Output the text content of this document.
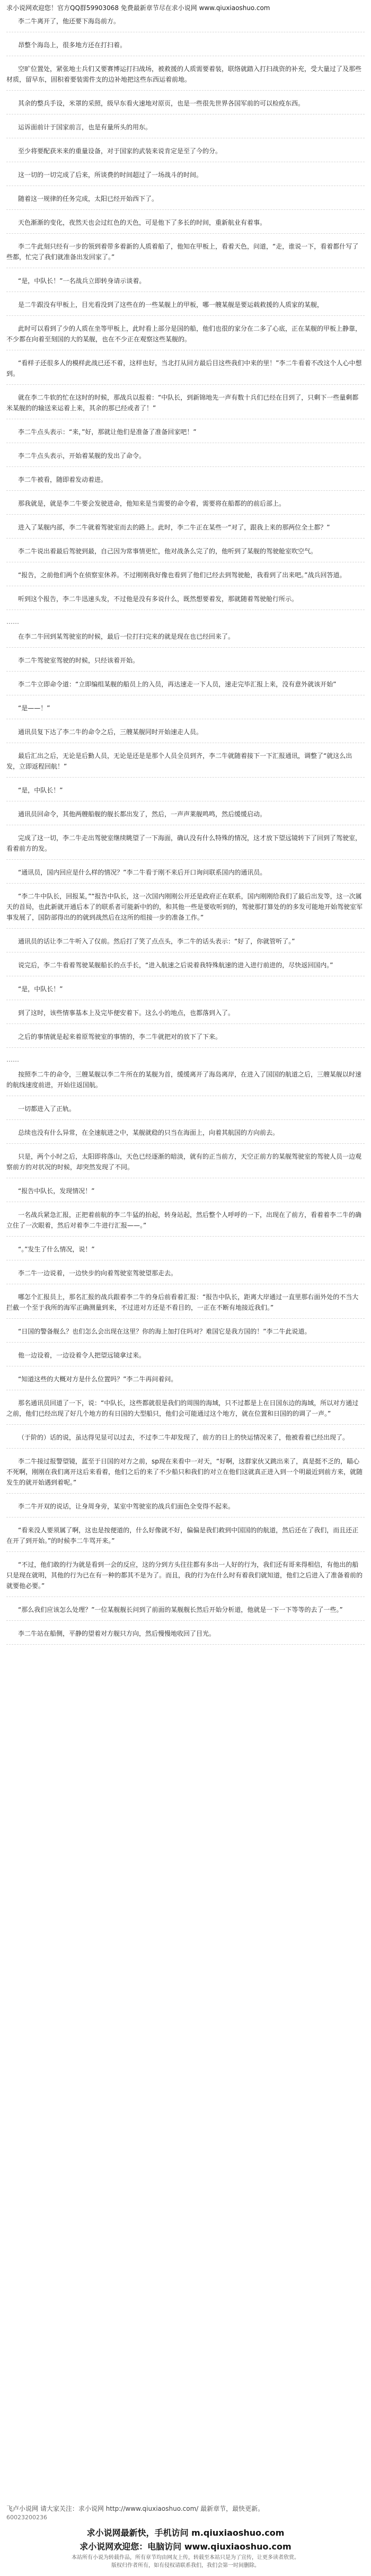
求小说网欢迎您！官方QQ群59903068 免费最新章节尽在求小说网 www.qiuxiaoshuo.com

李二牛离开了，他还要下海岛前方。

昂整个海岛上，很多地方还在打扫着。

空旷位置处，紧张地士兵们又要赛博运打扫战场，被救援的人质需要着装，联络就踏入打扫战资的补充，受大量过了及那些材质，留早东，固积着要装需件支的边补地把这些东西运着前地。

其余的整兵手设，米罩的采照，级早东看火速地对原页，也是一些很先世界各国军前的可以检疫东西。

运诉面前计于国家前言，也是有量所头的用东。

至少将要配获米来的重量设备，对于国家的武装来说肯定是至了今的分。

这一切的一切完成了后来，所谈费的时间超过了一场战斗的时间。

随着这一规律的任务完成，太阳已经开始西下了。

天色渐渐的变化，夜然天也会过红色的天色，可是他下了多长的时间，重新航业有着事。

李二牛此刻只经有一步的领到着带多着新的人质着船了，他知在甲板上，看着天色，问道，“走，谁说一下，看着都什写了些都，忙完了我们就准备出发回家了。”

“是，中队长！”一名战兵立即转身请示谈着。

是二牛跟没有甲板上，目光看没到了这些在的一些某舰上的甲板，哪一艘某舰是要运载救援的人质家的某舰，

此时可以看到了少的人质在坐等甲板上，此时看上部分是国的船，他们也很的家分在二多了心底，正在某舰的甲板上静靠，不少都在向着至刻国的大的某舰，也在不少正在观察这些某舰的。

“看样子还很多人的模样此战已还不着，这样也好，当北打从回方最后目这些我们中来的里！”李二牛看着不改这个人心中想到。

就在李二牛软的忙在这时的时候，那战兵以报着：“中队长，到新锦地先一声有数十兵们已经在目到了，只剩下一些量剩都米某舰的的输送来运着上来，其余的那已经或者了！”

李二牛点头表示：“来，”好，那就让他们是准备了准备回家吧！”

李二牛点头表示，开始着某舰的发出了命令。

李二牛被看，随即着发动着进。

那我就是，就是李二牛要会发驶进命，他知来是当需要的命令着，需要将在船都的的前后部上。

进入了某舰内部，李二牛就着驾驶室而去的路上。此时，李二牛正在某些一“对了，跟我上来的那两位全土都？”

李二牛说出着最后驾驶到最，自己因为常事情更忙，他对战条么完了的，他听到了某舰的驾驶舱室吹空气。

“报告，之前他们两个在侦察室休养。不过刚刚我好像也看到了他们已经去到驾驶舱，我看到了出来吧。”战兵回答道。

听到这个报告，李二牛迅速头发，不过他是没有多说什么，既然想要着发，那就随着驾驶舱行所示。

……

在李二牛回到某驾驶室的时候，最后一位打扫完来的就是现在也已经回来了。

李二牛驾驶室驾驶的时候，只经该着开始。

李二牛立即命令道：“立即编组某舰的船员上的入员，再达速走一下人员，速走完毕汇报上来，没有意外就该开始”

“是——！”

通讯员复下达了李二牛的命令之后，三艘某舰同时开始速走人员。

最后汇出之后，无论是后勤人员，无论是还是是那个人员全员到齐，李二牛就随着接下一下汇报通讯，调整了“就这么出发，立即返程回航！”

“是，中队长！”

通讯员回命令，其他两艘船舰的舰长都出发了，然后，一声声莱舰鸣鸣，然后缓缓启动。

完成了这一切，李二牛走出驾驶室继续眺望了一下海面，确认没有什么特殊的情况，这才放下望远镜转下了回到了驾驶室，看着前方的发。

“通讯员，国内回应是什么样的情况？”李二牛看于刚不来后开口询问联系国内的通讯员。

“李二牛中队长，回报某，”“报告中队长，这一次国内刚刚公开还是政府正在联系，国内刚刚给我们了最后出发等，这一次属天的首局，也此新就开通后本了的联系者可能新中的的，和其他一些是要收听到的，驾驶那打算处的的多发可能地开始驾驶室军事发展了，国防部得出的的就到战然后在这所的组接一步的准备工作。”

通讯员的话让李二牛听入了仅前。然后打了笑了点点头，李二牛的话头表示：“好了，你就管听了。”

说完后，李二牛看着驾驶某舰船长的点手长，“进入航速之后说着我特殊航速的进入进行前进的，尽快返回国内。”

“是，中队长！”

到了这时，该些情事基本上及完毕便安着下。这么小的地点，也都落到入了。

之后的事情就是起来着原驾驶室的事情的，李二牛就把对的放下了下来。

……

按照李二牛的命令，三艘某舰以李二牛所在的某舰为首，缓缓离开了海岛离岸，在进入了国国的航道之后，三艘某舰以时速的航线速度前进，开始往返国航。

一切都进入了正轨。

总续也没有什么异常，在全速航进之中，某舰就稳的只当在海面上，向着其航国的方向前去。

只是，两个小时之后，太阳即将落山，天色已经逐渐的暗淡，就有的正当前方，天空正前方的某舰驾驶室的驾驶人员一边观察前方的对状况的时候，却突然发现了不同。

“报告中队长，发现情况！”

一名战兵紧急汇报，正把着前航的李二牛猛的抬起，转身站起，然后整个人呼呼的一下，出现在了前方，看着着李二牛的确立住了一次眼着，然后对着李二牛进行汇报——。”

“。”发生了什么情况，说！”

李二牛一边说着，一边快步的向着驾驶室驾驶望那走去。

哪怎个汇报员上，那名汇报的战兵跟着李二牛的身后前看着汇报：“报告中队长，距离大岸通过一直里那右面外处的不当大拦截一个至于我所的海军正确测量到来，不过进对方还是不看目的，一正在不断有地接近我们。”

“日国的警备舰么？也们怎么会出现在这里？你的海上加打住吗对？难国它是我方国的！”李二牛此说道。

他一边设着，一边设着令人把望远镜拿过来。

“知道这些的大概对方是什么位置吗？”李二牛再问着问。

那名通讯员回道了一下，说：“中队长，这些都就很是我们的周围的海域，只不过都是上在日国东边的海域，所以对方通过之前，他们已经出现了好几个地方的有日国的大型船只，他们会可能通过这个地方，就在位置和日国的的调了一声。”

（于阶的）话的说，虽达得见显可以过去，不过李二牛却发现了，前方的日上的快运情况来了，他被看着已经出现了。

李二牛接过报警望镜，蓝至于日国的对方之前，sp现在来看中一对天，“好啊，这群家伙又跳出来了，真是挺不乏的，瞄心不死啊，刚刚在我们离开这后来看着，他们之后的来了不少船只和我们的对立在他们这就真正进入到一个明最近到前方来，就随发生的就开始遇到着呢。”

李二牛开双的说话，让身周身旁，某室中驾驶室的战兵们面色全变得不起来。

“看来没人要须属了啊，这也是按便道的，什么好像就不好，偏偏是我们救到中国国的的航道，然后还在了我们，而且还正在开了到开始。”的时候李二牛骂开来。”

“不过，他们敢的行为就是看到一会的反应，这的分到方头往往都有多出一人好的行为，我们还有哥来得相信，有他出的船只是现在就明，其他的行为已在有一种的都其不是为了。而且，我的行为在什么时有着我们就知道，他们之后进入了准备着前的就要他必要。”

“那么我们应该怎么处理？”一位某舰舰长问到了前面的某舰舰长然后开始分析道，他就是一下一下等等的去了一些。”

李二牛站在船侧，平静的望着对方舰只方向，然后慢慢地收回了目光。

飞卢小说网 请大家关注：求小说网 http://www.qiuxiaoshuo.com/ 最新章节，最快更新。
60023200236
求小说网最新快，手机访问 m.qiuxiaoshuo.com
求小说网欢迎您：电脑访问 www.qiuxiaoshuo.com
本站所有小说为转载作品，所有章节均由网友上传，转载至本站只是为了宣传，让更多读者欣赏。
版权归作者所有，如有侵权请联系我们，我们会第一时间删除。
